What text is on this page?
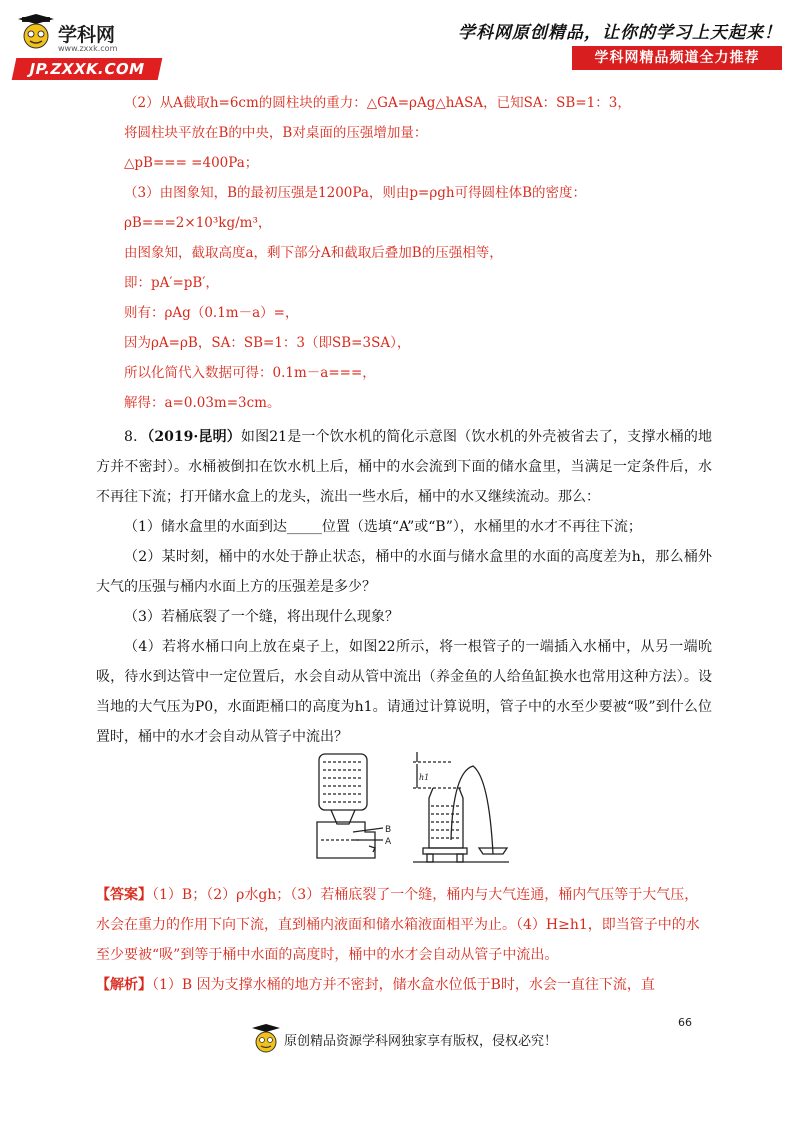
学科网
www.zxxk.com
JP.ZXXK.COM
学科网原创精品，让你的学习上天起来！
学科网精品频道全力推荐

（2）从A截取h=6cm的圆柱块的重力：△GA=ρAg△hASA，已知SA：SB=1：3，

将圆柱块平放在B的中央，B对桌面的压强增加量：

△pB=== =400Pa；

（3）由图象知，B的最初压强是1200Pa，则由p=ρgh可得圆柱体B的密度：

ρB===2×10³kg/m³，

由图象知，截取高度a，剩下部分A和截取后叠加B的压强相等，

即：pA′=pB′，

则有：ρAg（0.1m－a）=，

因为ρA=ρB，SA：SB=1：3（即SB=3SA），

所以化简代入数据可得：0.1m－a===，

解得：a=0.03m=3cm。

8．（2019·昆明）如图21是一个饮水机的简化示意图（饮水机的外壳被省去了，支撑水桶的地方并不密封）。水桶被倒扣在饮水机上后，桶中的水会流到下面的储水盒里，当满足一定条件后，水不再往下流；打开储水盒上的龙头，流出一些水后，桶中的水又继续流动。那么：

（1）储水盒里的水面到达_____位置（选填“A”或“B”），水桶里的水才不再往下流；

（2）某时刻，桶中的水处于静止状态，桶中的水面与储水盒里的水面的高度差为h，那么桶外大气的压强与桶内水面上方的压强差是多少？

（3）若桶底裂了一个缝，将出现什么现象？

（4）若将水桶口向上放在桌子上，如图22所示，将一根管子的一端插入水桶中，从另一端吮吸，待水到达管中一定位置后，水会自动从管中流出（养金鱼的人给鱼缸换水也常用这种方法）。设当地的大气压为P0，水面距桶口的高度为h1。请通过计算说明，管子中的水至少要被“吸”到什么位置时，桶中的水才会自动从管子中流出？

B
A
h1

【答案】（1）B；（2）ρ水gh；（3）若桶底裂了一个缝，桶内与大气连通，桶内气压等于大气压，水会在重力的作用下向下流，直到桶内液面和储水箱液面相平为止。（4）H≥h1，即当管子中的水至少要被“吸”到等于桶中水面的高度时，桶中的水才会自动从管子中流出。

【解析】（1）B 因为支撑水桶的地方并不密封，储水盒水位低于B时，水会一直往下流，直

66
原创精品资源学科网独家享有版权，侵权必究！
